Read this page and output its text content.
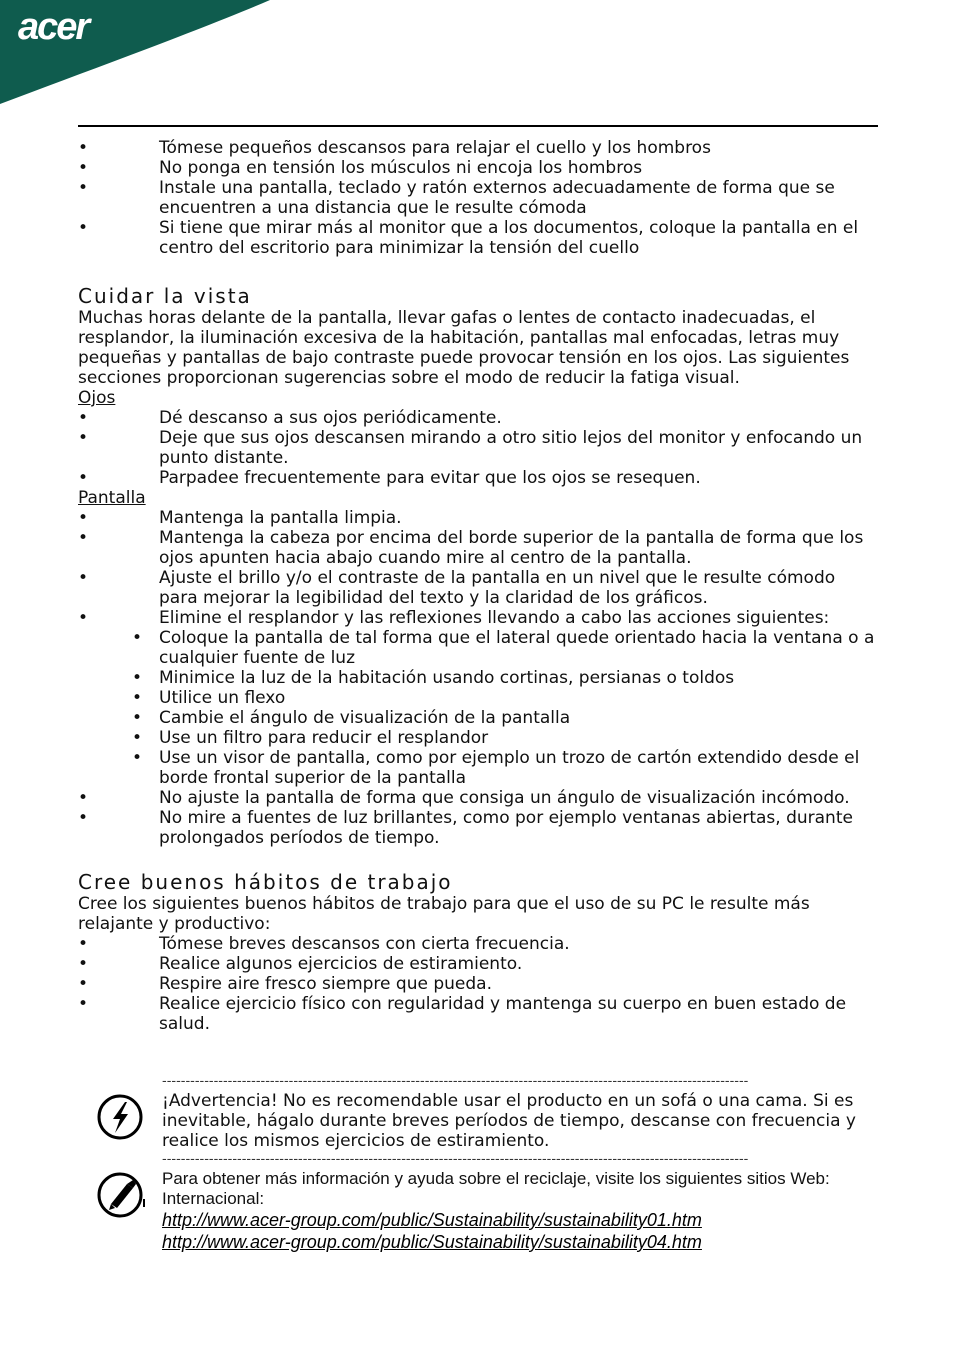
acer
• Tómese pequeños descansos para relajar el cuello y los hombros
• No ponga en tensión los músculos ni encoja los hombros
• Instale una pantalla, teclado y ratón externos adecuadamente de forma que se encuentren a una distancia que le resulte cómoda
• Si tiene que mirar más al monitor que a los documentos, coloque la pantalla en el centro del escritorio para minimizar la tensión del cuello
Cuidar la vista

Muchas horas delante de la pantalla, llevar gafas o lentes de contacto inadecuadas, el resplandor, la iluminación excesiva de la habitación, pantallas mal enfocadas, letras muy pequeñas y pantallas de bajo contraste puede provocar tensión en los ojos. Las siguientes secciones proporcionan sugerencias sobre el modo de reducir la fatiga visual.

Ojos
• Dé descanso a sus ojos periódicamente.
• Deje que sus ojos descansen mirando a otro sitio lejos del monitor y enfocando un punto distante.
• Parpadee frecuentemente para evitar que los ojos se resequen.
Pantalla
• Mantenga la pantalla limpia.
• Mantenga la cabeza por encima del borde superior de la pantalla de forma que los ojos apunten hacia abajo cuando mire al centro de la pantalla.
• Ajuste el brillo y/o el contraste de la pantalla en un nivel que le resulte cómodo para mejorar la legibilidad del texto y la claridad de los gráficos.
• Elimine el resplandor y las reflexiones llevando a cabo las acciones siguientes:
• Coloque la pantalla de tal forma que el lateral quede orientado hacia la ventana o a cualquier fuente de luz
• Minimice la luz de la habitación usando cortinas, persianas o toldos
• Utilice un flexo
• Cambie el ángulo de visualización de la pantalla
• Use un filtro para reducir el resplandor
• Use un visor de pantalla, como por ejemplo un trozo de cartón extendido desde el borde frontal superior de la pantalla
• No ajuste la pantalla de forma que consiga un ángulo de visualización incómodo.
• No mire a fuentes de luz brillantes, como por ejemplo ventanas abiertas, durante prolongados períodos de tiempo.
Cree buenos hábitos de trabajo

Cree los siguientes buenos hábitos de trabajo para que el uso de su PC le resulte más relajante y productivo:

• Tómese breves descansos con cierta frecuencia.
• Realice algunos ejercicios de estiramiento.
• Respire aire fresco siempre que pueda.
• Realice ejercicio físico con regularidad y mantenga su cuerpo en buen estado de salud.
-----------------------------------------------------------------------------------------------------------------------------
¡Advertencia! No es recomendable usar el producto en un sofá o una cama. Si es inevitable, hágalo durante breves períodos de tiempo, descanse con frecuencia y realice los mismos ejercicios de estiramiento.
-----------------------------------------------------------------------------------------------------------------------------
Para obtener más información y ayuda sobre el reciclaje, visite los siguientes sitios Web:
Internacional:
http://www.acer-group.com/public/Sustainability/sustainability01.htm
http://www.acer-group.com/public/Sustainability/sustainability04.htm
